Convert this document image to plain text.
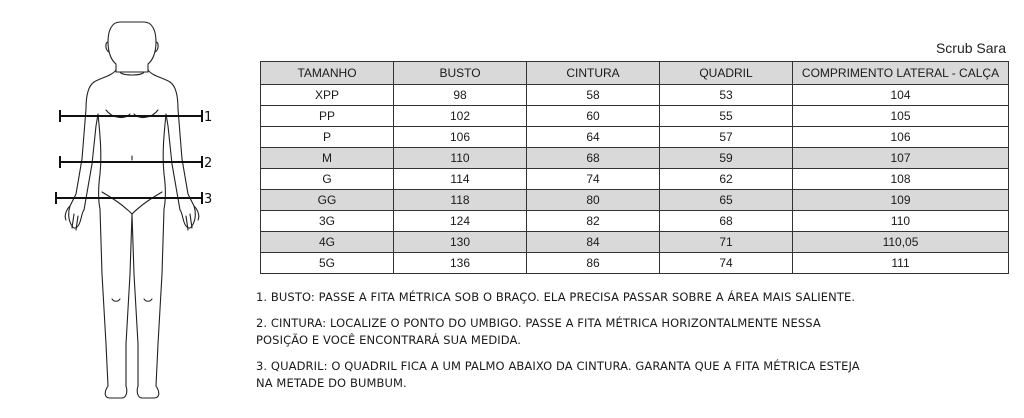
1
2
3
Scrub Sara
TAMANHO	BUSTO	CINTURA	QUADRIL	COMPRIMENTO LATERAL - CALÇA
XPP	98	58	53	104
PP	102	60	55	105
P	106	64	57	106
M	110	68	59	107
G	114	74	62	108
GG	118	80	65	109
3G	124	82	68	110
4G	130	84	71	110,05
5G	136	86	74	111

1. BUSTO: PASSE A FITA MÉTRICA SOB O BRAÇO. ELA PRECISA PASSAR SOBRE A ÁREA MAIS SALIENTE.

2. CINTURA: LOCALIZE O PONTO DO UMBIGO. PASSE A FITA MÉTRICA HORIZONTALMENTE NESSA POSIÇÃO E VOCÊ ENCONTRARÁ SUA MEDIDA.

3. QUADRIL: O QUADRIL FICA A UM PALMO ABAIXO DA CINTURA. GARANTA QUE A FITA MÉTRICA ESTEJA NA METADE DO BUMBUM.
